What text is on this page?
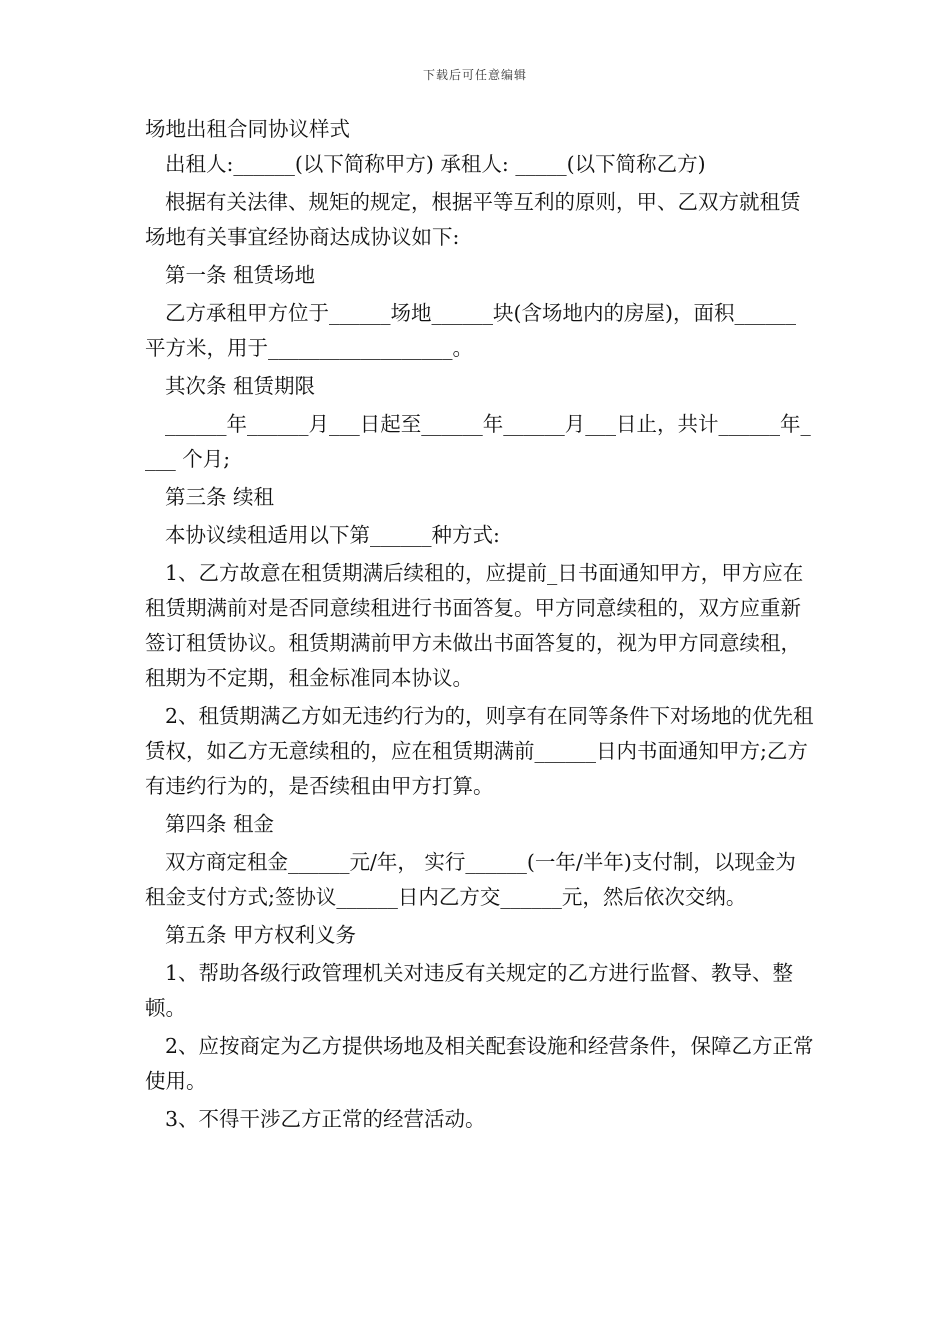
下载后可任意编辑
场地出租合同协议样式
出租人:______(以下简称甲方) 承租人: _____(以下简称乙方)
根据有关法律、规矩的规定，根据平等互利的原则，甲、乙双方就租赁场地有关事宜经协商达成协议如下:
第一条 租赁场地
乙方承租甲方位于______场地______块(含场地内的房屋)，面积______平方米，用于__________________。
其次条 租赁期限
______年______月___日起至______年______月___日止，共计______年____ 个月;
第三条 续租
本协议续租适用以下第______种方式:
1、乙方故意在租赁期满后续租的，应提前_日书面通知甲方，甲方应在租赁期满前对是否同意续租进行书面答复。甲方同意续租的，双方应重新签订租赁协议。租赁期满前甲方未做出书面答复的，视为甲方同意续租，租期为不定期，租金标准同本协议。
2、租赁期满乙方如无违约行为的，则享有在同等条件下对场地的优先租赁权，如乙方无意续租的，应在租赁期满前______日内书面通知甲方;乙方有违约行为的，是否续租由甲方打算。
第四条 租金
双方商定租金______元/年， 实行______(一年/半年)支付制，以现金为租金支付方式;签协议______日内乙方交______元，然后依次交纳。
第五条 甲方权利义务
1、帮助各级行政管理机关对违反有关规定的乙方进行监督、教导、整顿。
2、应按商定为乙方提供场地及相关配套设施和经营条件，保障乙方正常使用。
3、不得干涉乙方正常的经营活动。
